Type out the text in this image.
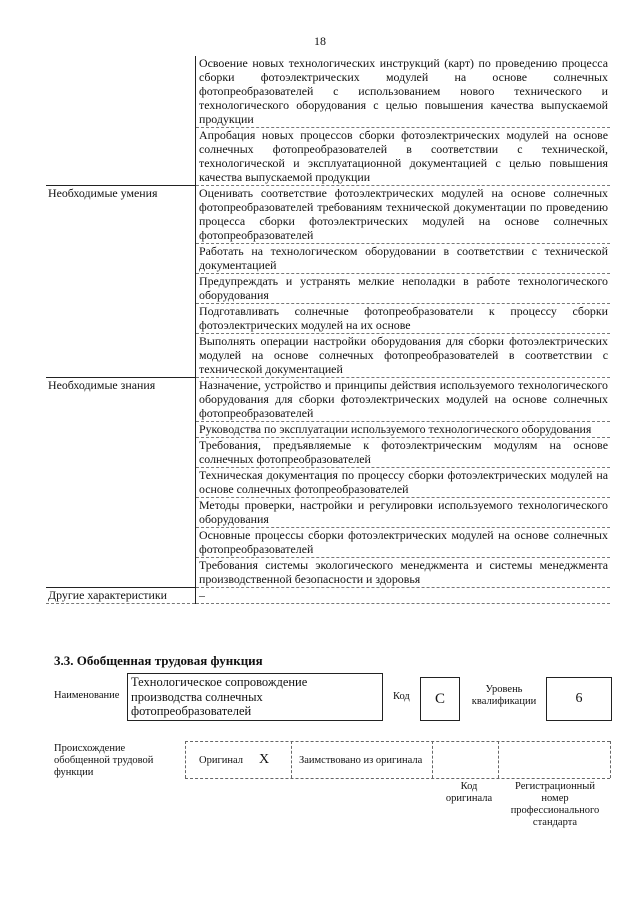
18
	Освоение новых технологических инструкций (карт) по проведению процесса сборки фотоэлектрических модулей на основе солнечных фотопреобразователей с использованием нового технического и технологического оборудования с целью повышения качества выпускаемой продукции
	Апробация новых процессов сборки фотоэлектрических модулей на основе солнечных фотопреобразователей в соответствии с технической, технологической и эксплуатационной документацией с целью повышения качества выпускаемой продукции
Необходимые умения	Оценивать соответствие фотоэлектрических модулей на основе солнечных фотопреобразователей требованиям технической документации по проведению процесса сборки фотоэлектрических модулей на основе солнечных фотопреобразователей
	Работать на технологическом оборудовании в соответствии с технической документацией
	Предупреждать и устранять мелкие неполадки в работе технологического оборудования
	Подготавливать солнечные фотопреобразователи к процессу сборки фотоэлектрических модулей на их основе
	Выполнять операции настройки оборудования для сборки фотоэлектрических модулей на основе солнечных фотопреобразователей в соответствии с технической документацией
Необходимые знания	Назначение, устройство и принципы действия используемого технологического оборудования для сборки фотоэлектрических модулей на основе солнечных фотопреобразователей
	Руководства по эксплуатации используемого технологического оборудования
	Требования, предъявляемые к фотоэлектрическим модулям на основе солнечных фотопреобразователей
	Техническая документация по процессу сборки фотоэлектрических модулей на основе солнечных фотопреобразователей
	Методы проверки, настройки и регулировки используемого технологического оборудования
	Основные процессы сборки фотоэлектрических модулей на основе солнечных фотопреобразователей
	Требования системы экологического менеджмента и системы менеджмента производственной безопасности и здоровья
Другие характеристики	–
3.3. Обобщенная трудовая функция
Наименование
Технологическое сопровождение производства солнечных фотопреобразователей
Код	С
Уровень квалификации	6
Происхождение обобщенной трудовой функции
Оригинал Х	Заимствовано из оригинала
Код оригинала
Регистрационный номер профессионального стандарта
